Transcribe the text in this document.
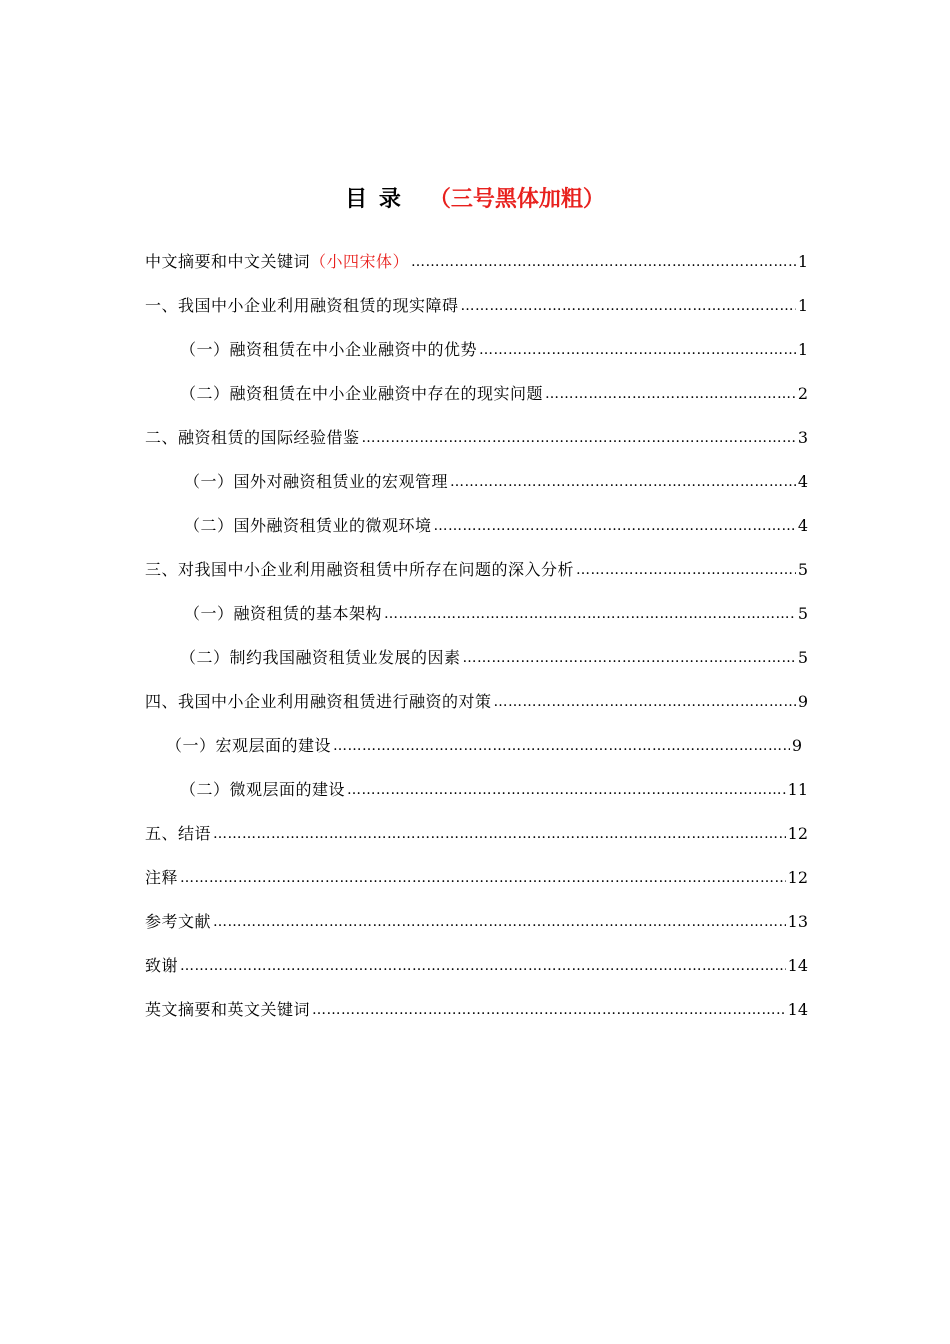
目 录 （三号黑体加粗）
中文摘要和中文关键词（小四宋体） …………………………………………………………………………………………………………………………………………………………………………………………	1
一、我国中小企业利用融资租赁的现实障碍 …………………………………………………………………………………………………………………………………………………………………………………………	1
（一）融资租赁在中小企业融资中的优势 …………………………………………………………………………………………………………………………………………………………………………………………	1
（二）融资租赁在中小企业融资中存在的现实问题 …………………………………………………………………………………………………………………………………………………………………………………………	2
二、融资租赁的国际经验借鉴 …………………………………………………………………………………………………………………………………………………………………………………………	3
（一）国外对融资租赁业的宏观管理 …………………………………………………………………………………………………………………………………………………………………………………………	4
（二）国外融资租赁业的微观环境 …………………………………………………………………………………………………………………………………………………………………………………………	4
三、对我国中小企业利用融资租赁中所存在问题的深入分析 …………………………………………………………………………………………………………………………………………………………………………………………	5
（一）融资租赁的基本架构 …………………………………………………………………………………………………………………………………………………………………………………………	5
（二）制约我国融资租赁业发展的因素 …………………………………………………………………………………………………………………………………………………………………………………………	5
四、我国中小企业利用融资租赁进行融资的对策 …………………………………………………………………………………………………………………………………………………………………………………………	9
（一）宏观层面的建设 …………………………………………………………………………………………………………………………………………………………………………………………	9
（二）微观层面的建设 …………………………………………………………………………………………………………………………………………………………………………………………	11
五、结语 …………………………………………………………………………………………………………………………………………………………………………………………	12
注释 …………………………………………………………………………………………………………………………………………………………………………………………	12
参考文献 …………………………………………………………………………………………………………………………………………………………………………………………	13
致谢 …………………………………………………………………………………………………………………………………………………………………………………………	14
英文摘要和英文关键词 …………………………………………………………………………………………………………………………………………………………………………………………	14
